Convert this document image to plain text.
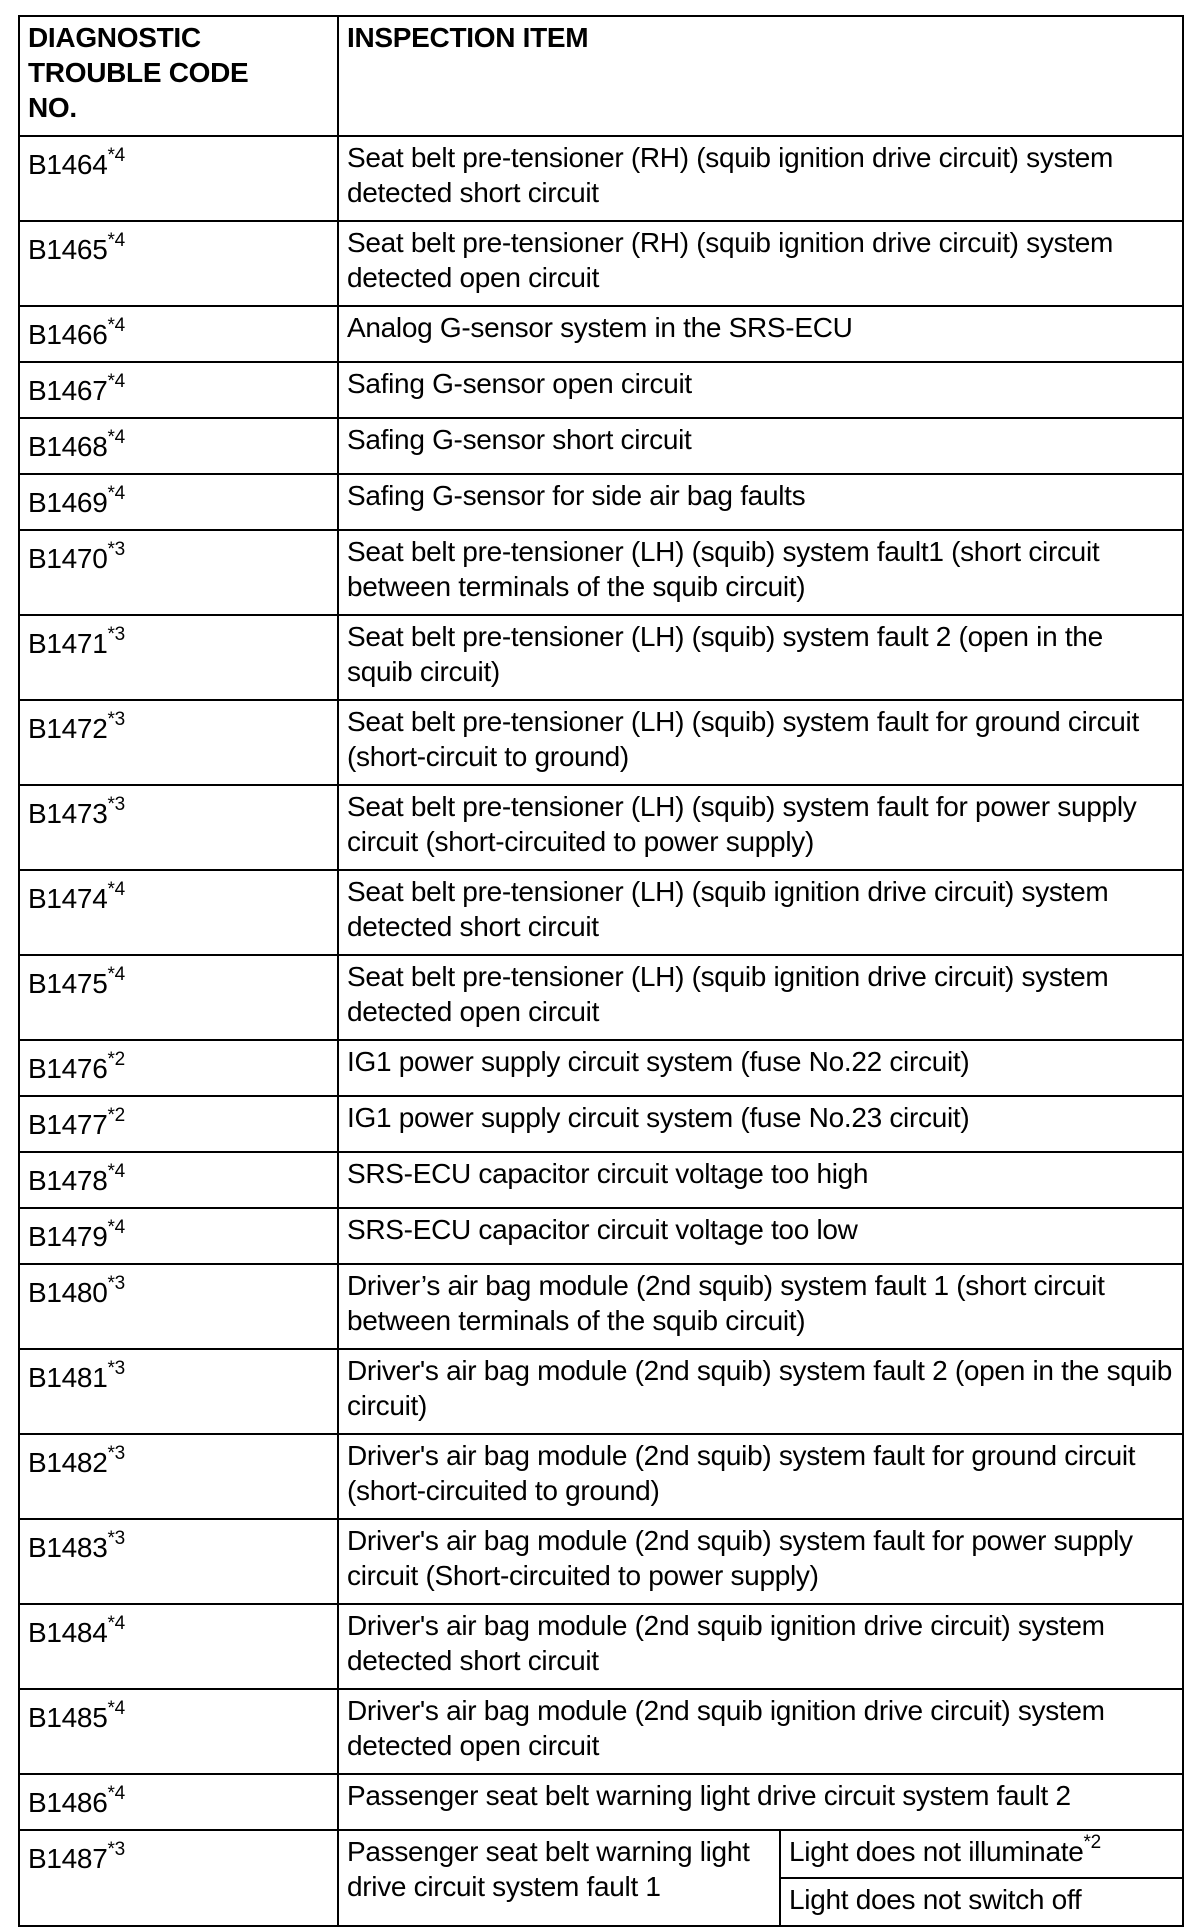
DIAGNOSTIC TROUBLE CODE NO.	INSPECTION ITEM	
B1464$^{*4}$	Seat belt pre-tensioner (RH) (squib ignition drive circuit) system detected short circuit	
B1465$^{*4}$	Seat belt pre-tensioner (RH) (squib ignition drive circuit) system detected open circuit	
B1466$^{*4}$	Analog G-sensor system in the SRS-ECU	
B1467$^{*4}$	Safing G-sensor open circuit	
B1468$^{*4}$	Safing G-sensor short circuit	
B1469$^{*4}$	Safing G-sensor for side air bag faults	
B1470$^{*3}$	Seat belt pre-tensioner (LH) (squib) system fault1 (short circuit between terminals of the squib circuit)	
B1471$^{*3}$	Seat belt pre-tensioner (LH) (squib) system fault 2 (open in the squib circuit)	
B1472$^{*3}$	Seat belt pre-tensioner (LH) (squib) system fault for ground circuit (short-circuit to ground)	
B1473$^{*3}$	Seat belt pre-tensioner (LH) (squib) system fault for power supply circuit (short-circuited to power supply)	
B1474$^{*4}$	Seat belt pre-tensioner (LH) (squib ignition drive circuit) system detected short circuit	
B1475$^{*4}$	Seat belt pre-tensioner (LH) (squib ignition drive circuit) system detected open circuit	
B1476$^{*2}$	IG1 power supply circuit system (fuse No.22 circuit)	
B1477$^{*2}$	IG1 power supply circuit system (fuse No.23 circuit)	
B1478$^{*4}$	SRS-ECU capacitor circuit voltage too high	
B1479$^{*4}$	SRS-ECU capacitor circuit voltage too low	
B1480$^{*3}$	Driver’s air bag module (2nd squib) system fault 1 (short circuit between terminals of the squib circuit)	
B1481$^{*3}$	Driver's air bag module (2nd squib) system fault 2 (open in the squib circuit)	
B1482$^{*3}$	Driver's air bag module (2nd squib) system fault for ground circuit (short-circuited to ground)	
B1483$^{*3}$	Driver's air bag module (2nd squib) system fault for power supply circuit (Short-circuited to power supply)	
B1484$^{*4}$	Driver's air bag module (2nd squib ignition drive circuit) system detected short circuit	
B1485$^{*4}$	Driver's air bag module (2nd squib ignition drive circuit) system detected open circuit	
B1486$^{*4}$	Passenger seat belt warning light drive circuit system fault 2	
B1487$^{*3}$	Passenger seat belt warning light drive circuit system fault 1	Light does not illuminate$^{*2}$
		Light does not switch off
